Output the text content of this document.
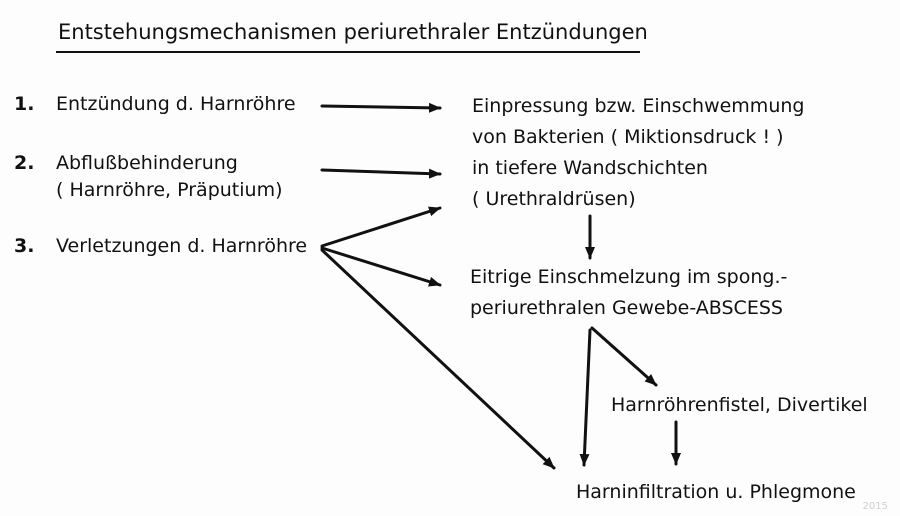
Entstehungsmechanismen periurethraler Entzündungen
1. Entzündung d. Harnröhre
2. Abflußbehinderung
( Harnröhre, Präputium)
3. Verletzungen d. Harnröhre
Einpressung bzw. Einschwemmung
von Bakterien ( Miktionsdruck ! )
in tiefere Wandschichten
( Urethraldrüsen)
Eitrige Einschmelzung im spong.-
periurethralen Gewebe-ABSCESS
Harnröhrenfistel, Divertikel
Harninfiltration u. Phlegmone
2015
